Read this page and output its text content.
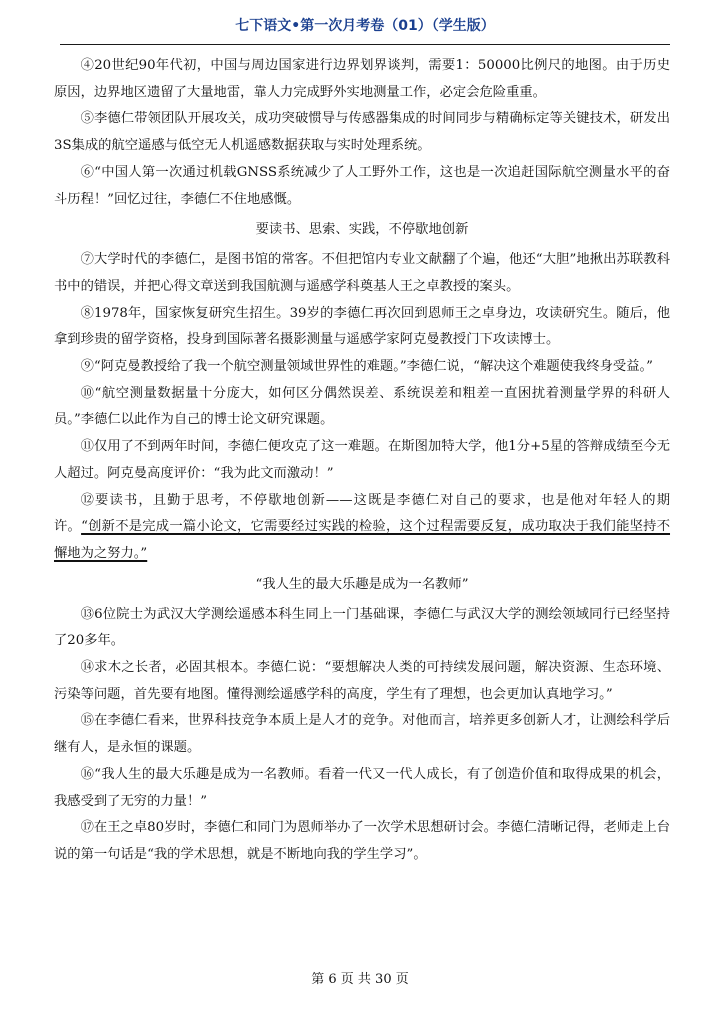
七下语文•第一次月考卷（01）（学生版）

④20世纪90年代初，中国与周边国家进行边界划界谈判，需要1：50000比例尺的地图。由于历史原因，边界地区遗留了大量地雷，靠人力完成野外实地测量工作，必定会危险重重。

⑤李德仁带领团队开展攻关，成功突破惯导与传感器集成的时间同步与精确标定等关键技术，研发出3S集成的航空遥感与低空无人机遥感数据获取与实时处理系统。

⑥“中国人第一次通过机载GNSS系统减少了人工野外工作，这也是一次追赶国际航空测量水平的奋斗历程！”回忆过往，李德仁不住地感慨。

要读书、思索、实践，不停歇地创新

⑦大学时代的李德仁，是图书馆的常客。不但把馆内专业文献翻了个遍，他还“大胆”地揪出苏联教科书中的错误，并把心得文章送到我国航测与遥感学科奠基人王之卓教授的案头。

⑧1978年，国家恢复研究生招生。39岁的李德仁再次回到恩师王之卓身边，攻读研究生。随后，他拿到珍贵的留学资格，投身到国际著名摄影测量与遥感学家阿克曼教授门下攻读博士。

⑨“阿克曼教授给了我一个航空测量领域世界性的难题。”李德仁说，“解决这个难题使我终身受益。”

⑩“航空测量数据量十分庞大，如何区分偶然误差、系统误差和粗差一直困扰着测量学界的科研人员。”李德仁以此作为自己的博士论文研究课题。

⑪仅用了不到两年时间，李德仁便攻克了这一难题。在斯图加特大学，他1分+5星的答辩成绩至今无人超过。阿克曼高度评价：“我为此文而激动！”

⑫要读书，且勤于思考，不停歇地创新——这既是李德仁对自己的要求，也是他对年轻人的期许。“创新不是完成一篇小论文，它需要经过实践的检验，这个过程需要反复，成功取决于我们能坚持不懈地为之努力。”

“我人生的最大乐趣是成为一名教师”

⑬6位院士为武汉大学测绘遥感本科生同上一门基础课，李德仁与武汉大学的测绘领域同行已经坚持了20多年。

⑭求木之长者，必固其根本。李德仁说：“要想解决人类的可持续发展问题，解决资源、生态环境、污染等问题，首先要有地图。懂得测绘遥感学科的高度，学生有了理想，也会更加认真地学习。”

⑮在李德仁看来，世界科技竞争本质上是人才的竞争。对他而言，培养更多创新人才，让测绘科学后继有人，是永恒的课题。

⑯“我人生的最大乐趣是成为一名教师。看着一代又一代人成长，有了创造价值和取得成果的机会，我感受到了无穷的力量！”

⑰在王之卓80岁时，李德仁和同门为恩师举办了一次学术思想研讨会。李德仁清晰记得，老师走上台说的第一句话是“我的学术思想，就是不断地向我的学生学习”。

第 6 页 共 30 页
